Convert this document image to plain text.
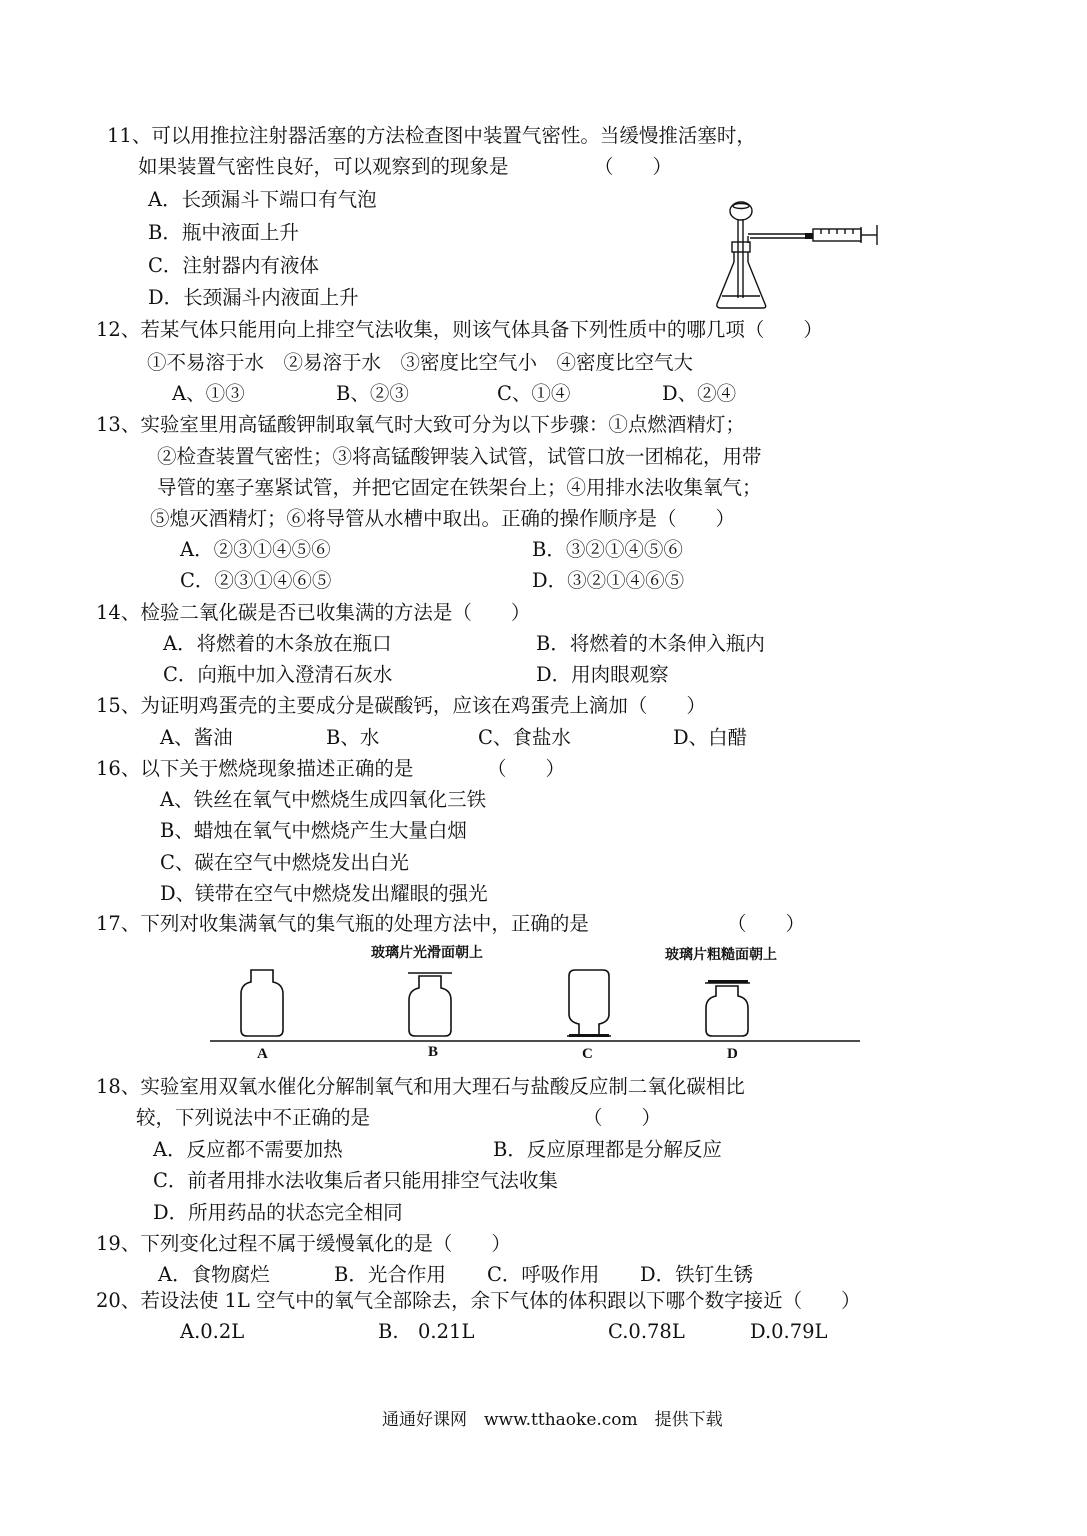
11、可以用推拉注射器活塞的方法检查图中装置气密性。当缓慢推活塞时，
如果装置气密性良好，可以观察到的现象是	（　　）
A．长颈漏斗下端口有气泡
B．瓶中液面上升
C．注射器内有液体
D．长颈漏斗内液面上升
12、若某气体只能用向上排空气法收集，则该气体具备下列性质中的哪几项（　　）
①不易溶于水　②易溶于水　③密度比空气小　④密度比空气大
A、①③	B、②③	C、①④	D、②④
13、实验室里用高锰酸钾制取氧气时大致可分为以下步骤：①点燃酒精灯；
②检查装置气密性；③将高锰酸钾装入试管，试管口放一团棉花，用带
导管的塞子塞紧试管，并把它固定在铁架台上；④用排水法收集氧气；
⑤熄灭酒精灯；⑥将导管从水槽中取出。正确的操作顺序是（　　）
A．②③①④⑤⑥	B．③②①④⑤⑥
C．②③①④⑥⑤	D．③②①④⑥⑤
14、检验二氧化碳是否已收集满的方法是（　　）
A．将燃着的木条放在瓶口	B．将燃着的木条伸入瓶内
C．向瓶中加入澄清石灰水	D．用肉眼观察
15、为证明鸡蛋壳的主要成分是碳酸钙，应该在鸡蛋壳上滴加（　　）
A、酱油	B、水	C、食盐水	D、白醋
16、以下关于燃烧现象描述正确的是	（　　）
A、铁丝在氧气中燃烧生成四氧化三铁
B、蜡烛在氧气中燃烧产生大量白烟
C、碳在空气中燃烧发出白光
D、镁带在空气中燃烧发出耀眼的强光
17、下列对收集满氧气的集气瓶的处理方法中，正确的是	（　　）
玻璃片光滑面朝上	玻璃片粗糙面朝上
A	B	C	D
18、实验室用双氧水催化分解制氧气和用大理石与盐酸反应制二氧化碳相比
较，下列说法中不正确的是	（　　）
A．反应都不需要加热	B．反应原理都是分解反应
C．前者用排水法收集后者只能用排空气法收集
D．所用药品的状态完全相同
19、下列变化过程不属于缓慢氧化的是（　　）
A．食物腐烂	B．光合作用 C．呼吸作用 D．铁钉生锈
20、若设法使 1L 空气中的氧气全部除去，余下气体的体积跟以下哪个数字接近（　　）
A.0.2L	B.　0.21L	C.0.78L	D.0.79L
通通好课网　www.tthaoke.com　提供下载
